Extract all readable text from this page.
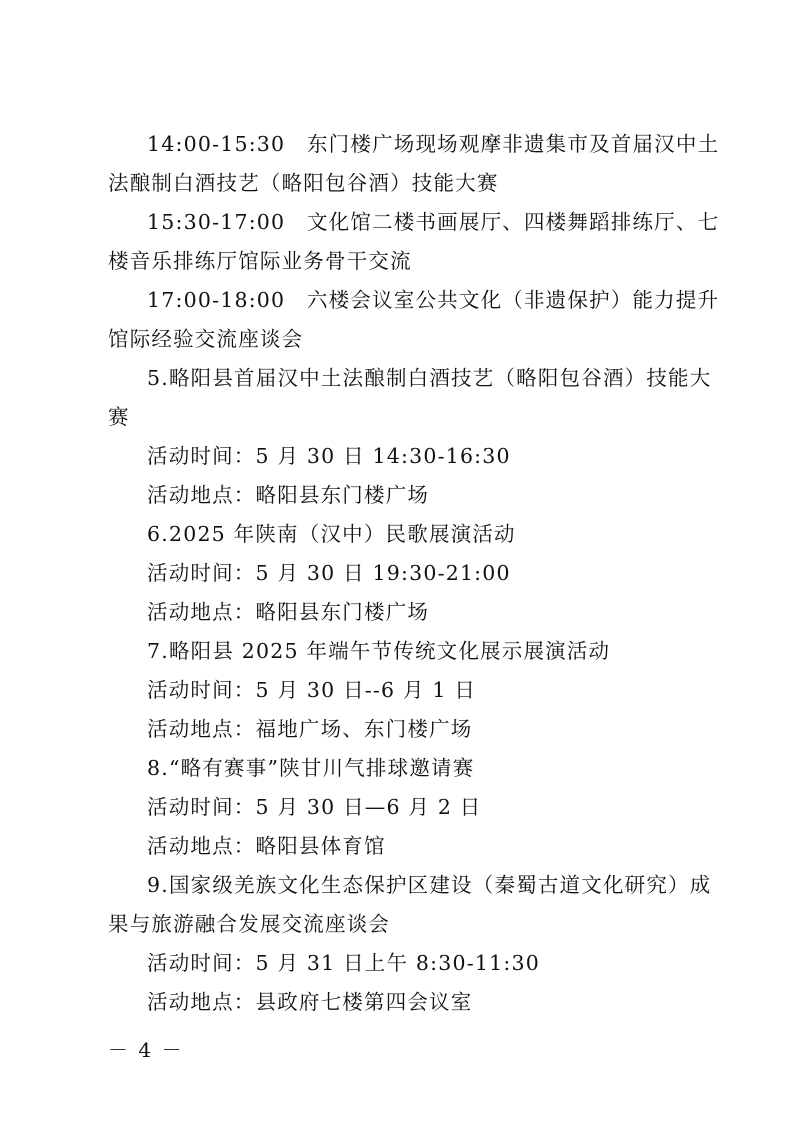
14:00-15:30　东门楼广场现场观摩非遗集市及首届汉中土
法酿制白酒技艺（略阳包谷酒）技能大赛
15:30-17:00　文化馆二楼书画展厅、四楼舞蹈排练厅、七
楼音乐排练厅馆际业务骨干交流
17:00-18:00　六楼会议室公共文化（非遗保护）能力提升
馆际经验交流座谈会
5.略阳县首届汉中土法酿制白酒技艺（略阳包谷酒）技能大
赛
活动时间：5 月 30 日 14:30-16:30
活动地点：略阳县东门楼广场
6.2025 年陕南（汉中）民歌展演活动
活动时间：5 月 30 日 19:30-21:00
活动地点：略阳县东门楼广场
7.略阳县 2025 年端午节传统文化展示展演活动
活动时间：5 月 30 日--6 月 1 日
活动地点：福地广场、东门楼广场
8.“略有赛事”陕甘川气排球邀请赛
活动时间：5 月 30 日—6 月 2 日
活动地点：略阳县体育馆
9.国家级羌族文化生态保护区建设（秦蜀古道文化研究）成
果与旅游融合发展交流座谈会
活动时间：5 月 31 日上午 8:30-11:30
活动地点：县政府七楼第四会议室
－ 4 －
